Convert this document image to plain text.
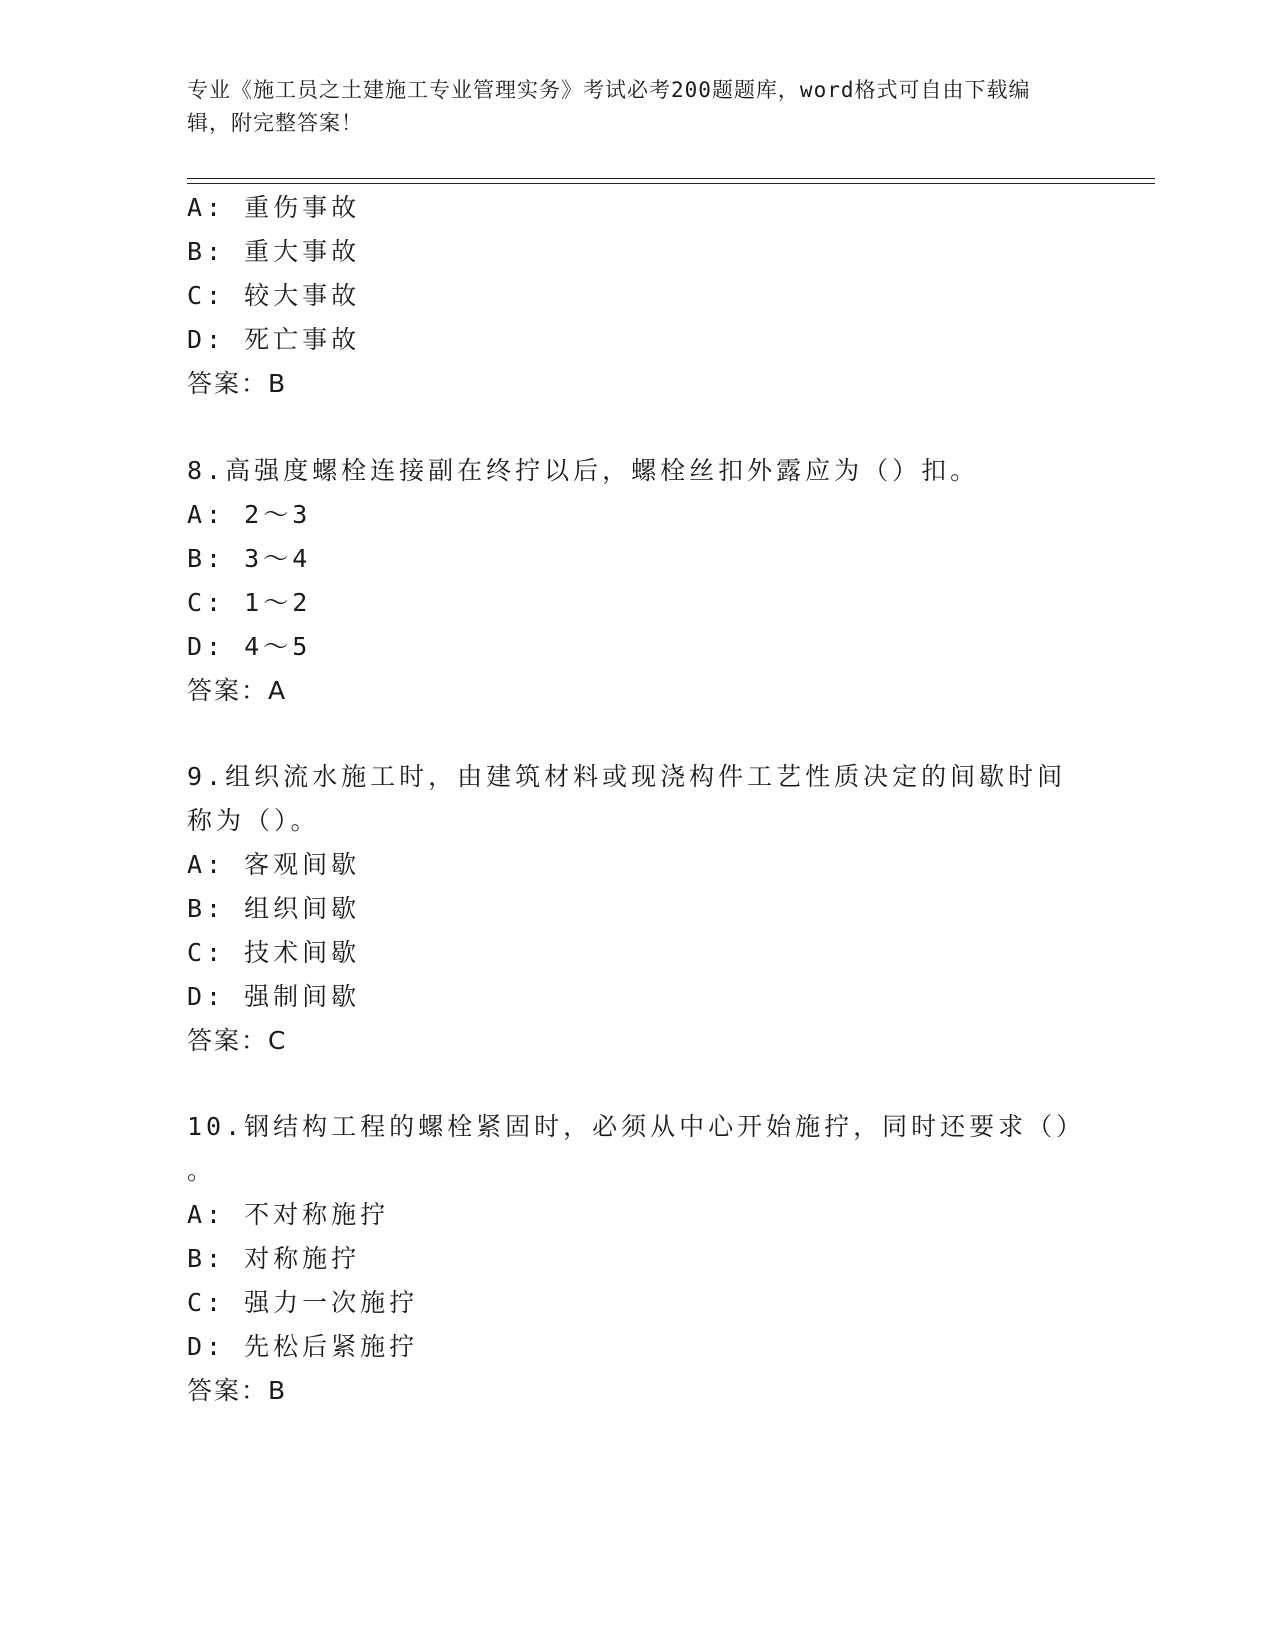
专业《施工员之土建施工专业管理实务》考试必考200题题库，word格式可自由下载编辑，附完整答案！
A: 重伤事故
B: 重大事故
C: 较大事故
D: 死亡事故
答案：B
8.高强度螺栓连接副在终拧以后，螺栓丝扣外露应为（）扣。
A: 2～3
B: 3～4
C: 1～2
D: 4～5
答案：A
9.组织流水施工时，由建筑材料或现浇构件工艺性质决定的间歇时间
称为（）。
A: 客观间歇
B: 组织间歇
C: 技术间歇
D: 强制间歇
答案：C
10.钢结构工程的螺栓紧固时，必须从中心开始施拧，同时还要求（）
。
A: 不对称施拧
B: 对称施拧
C: 强力一次施拧
D: 先松后紧施拧
答案：B
